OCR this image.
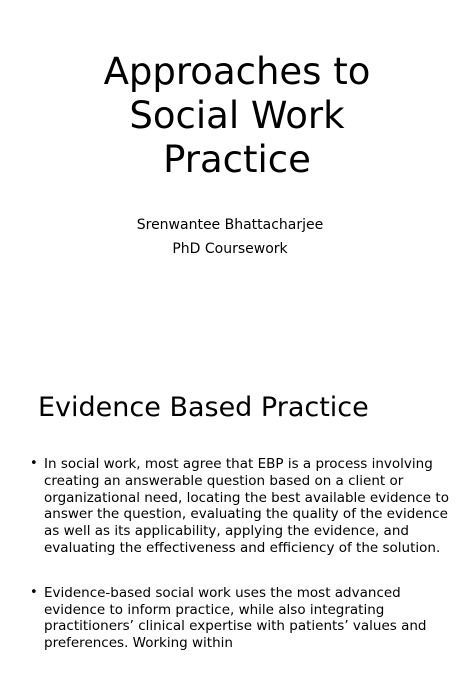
Approaches to
Social Work
Practice
Srenwantee Bhattacharjee
PhD Coursework
Evidence Based Practice
• In social work, most agree that EBP is a process involving creating an answerable question based on a client or organizational need, locating the best available evidence to answer the question, evaluating the quality of the evidence as well as its applicability, applying the evidence, and evaluating the effectiveness and efficiency of the solution.
• Evidence-based social work uses the most advanced evidence to inform practice, while also integrating practitioners’ clinical expertise with patients’ values and preferences. Working within
